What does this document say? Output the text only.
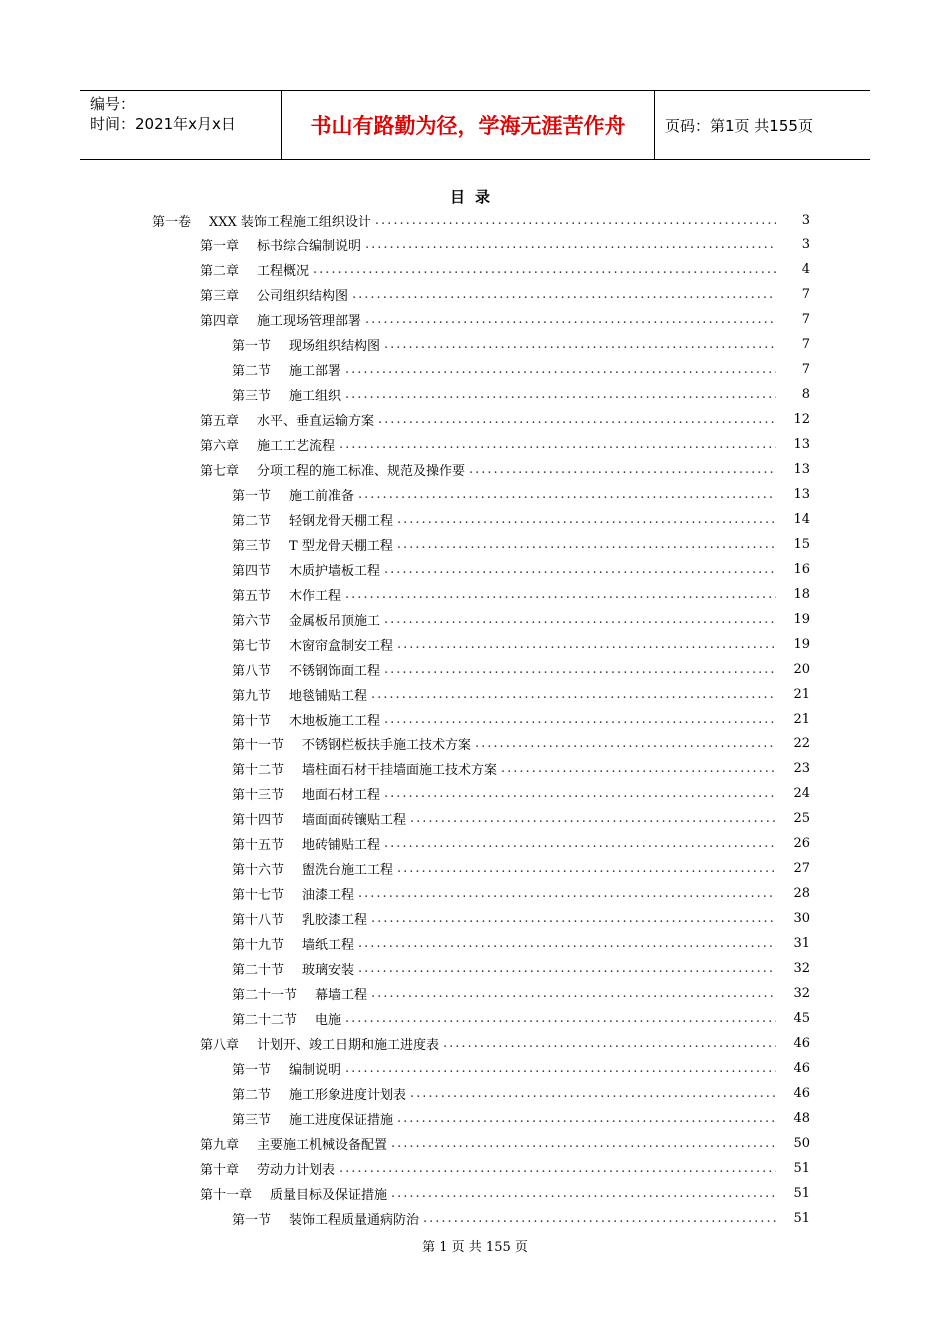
编号：
时间：2021年x月x日	书山有路勤为径，学海无涯苦作舟	页码：第1页 共155页
目录
第一卷 XXX 装饰工程施工组织设计 .....	3
第一章 标书综合编制说明 .....	3
第二章 工程概况 .....	4
第三章 公司组织结构图 .....	7
第四章 施工现场管理部署 .....	7
第一节 现场组织结构图 .....	7
第二节 施工部署 .....	7
第三节 施工组织 .....	8
第五章 水平、垂直运输方案 .....	12
第六章 施工工艺流程 .....	13
第七章 分项工程的施工标准、规范及操作要 .....	13
第一节 施工前准备 .....	13
第二节 轻钢龙骨天棚工程 .....	14
第三节 T 型龙骨天棚工程 .....	15
第四节 木质护墙板工程 .....	16
第五节 木作工程 .....	18
第六节 金属板吊顶施工 .....	19
第七节 木窗帘盒制安工程 .....	19
第八节 不锈钢饰面工程 .....	20
第九节 地毯铺贴工程 .....	21
第十节 木地板施工工程 .....	21
第十一节 不锈钢栏板扶手施工技术方案 .....	22
第十二节 墙柱面石材干挂墙面施工技术方案 .....	23
第十三节 地面石材工程 .....	24
第十四节 墙面面砖镶贴工程 .....	25
第十五节 地砖铺贴工程 .....	26
第十六节 盥洗台施工工程 .....	27
第十七节 油漆工程 .....	28
第十八节 乳胶漆工程 .....	30
第十九节 墙纸工程 .....	31
第二十节 玻璃安装 .....	32
第二十一节 幕墙工程 .....	32
第二十二节 电施 .....	45
第八章 计划开、竣工日期和施工进度表 .....	46
第一节 编制说明 .....	46
第二节 施工形象进度计划表 .....	46
第三节 施工进度保证措施 .....	48
第九章 主要施工机械设备配置 .....	50
第十章 劳动力计划表 .....	51
第十一章 质量目标及保证措施 .....	51
第一节 装饰工程质量通病防治 .....	51
第 1 页 共 155 页
